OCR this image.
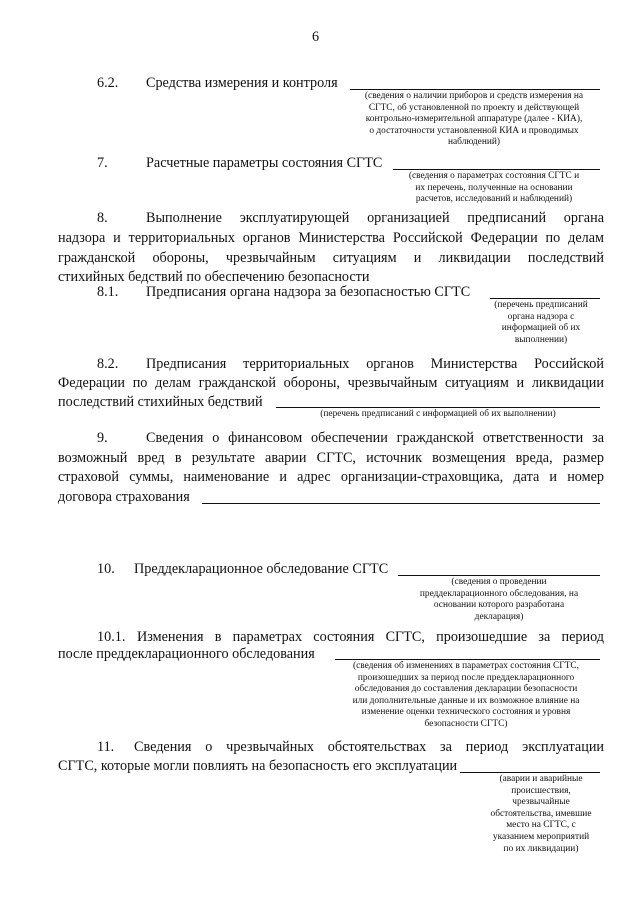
6
6.2. Средства измерения и контроля
(сведения о наличии приборов и средств измерения на
СГТС, об установленной по проекту и действующей
контрольно-измерительной аппаратуре (далее - КИА),
о достаточности установленной КИА и проводимых
наблюдений)
7.	Расчетные параметры состояния СГТС
(сведения о параметрах состояния СГТС и
их перечень, полученные на основании
расчетов, исследований и наблюдений)
8.	Выполнение эксплуатирующей организацией предписаний органа
надзора и территориальных органов Министерства Российской Федерации по делам
гражданской обороны, чрезвычайным ситуациям и ликвидации последствий
стихийных бедствий по обеспечению безопасности
8.1. Предписания органа надзора за безопасностью СГТС
(перечень предписаний
органа надзора с
информацией об их
выполнении)
8.2. Предписания территориальных органов Министерства Российской
Федерации по делам гражданской обороны, чрезвычайным ситуациям и ликвидации
последствий стихийных бедствий
(перечень предписаний с информацией об их выполнении)
9.	Сведения о финансовом обеспечении гражданской ответственности за
возможный вред в результате аварии СГТС, источник возмещения вреда, размер
страховой суммы, наименование и адрес организации-страховщика, дата и номер
договора страхования
10. Преддекларационное обследование СГТС
(сведения о проведении
преддекларационного обследования, на
основании которого разработана
декларация)
10.1. Изменения в параметрах состояния СГТС, произошедшие за период
после преддекларационного обследования
(сведения об изменениях в параметрах состояния СГТС,
произошедших за период после преддекларационного
обследования до составления декларации безопасности
или дополнительные данные и их возможное влияние на
изменение оценки технического состояния и уровня
безопасности СГТС)
11. Сведения о чрезвычайных обстоятельствах за период эксплуатации
СГТС, которые могли повлиять на безопасность его эксплуатации
(аварии и аварийные
происшествия,
чрезвычайные
обстоятельства, имевшие
место на СГТС, с
указанием мероприятий
по их ликвидации)
